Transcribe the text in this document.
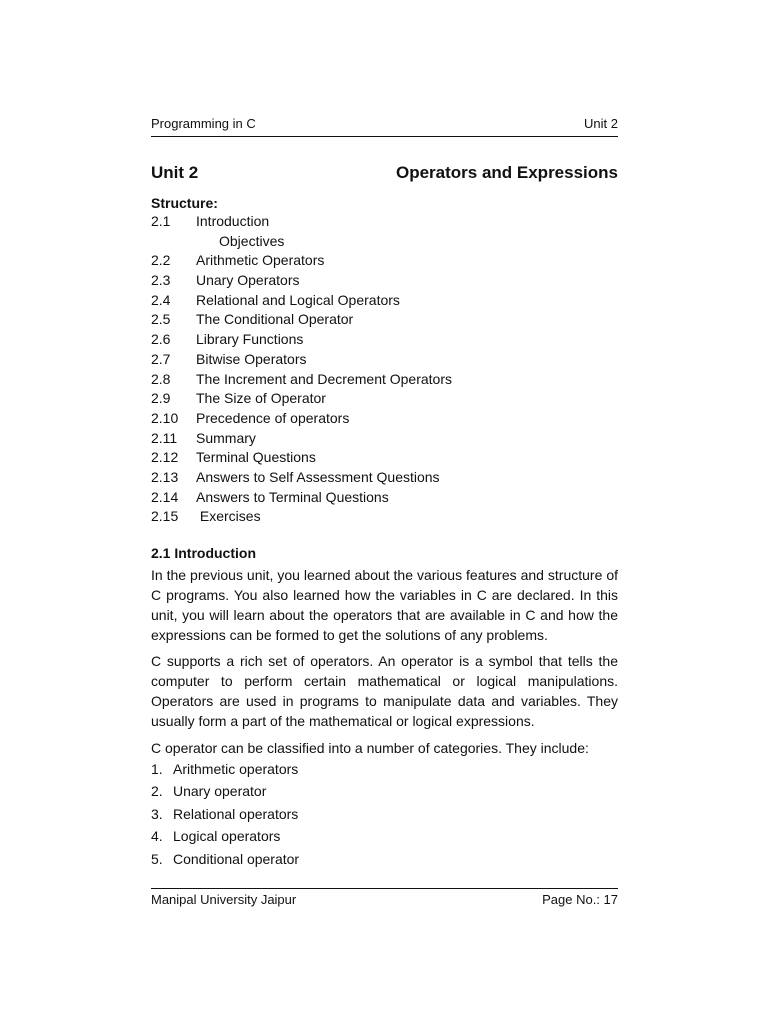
Programming in C	Unit 2
Unit 2	Operators and Expressions
Structure:
2.1	Introduction
Objectives
2.2	Arithmetic Operators
2.3	Unary Operators
2.4	Relational and Logical Operators
2.5	The Conditional Operator
2.6	Library Functions
2.7	Bitwise Operators
2.8	The Increment and Decrement Operators
2.9	The Size of Operator
2.10	Precedence of operators
2.11	Summary
2.12	Terminal Questions
2.13	Answers to Self Assessment Questions
2.14	Answers to Terminal Questions
2.15	Exercises
2.1 Introduction

In the previous unit, you learned about the various features and structure of C programs. You also learned how the variables in C are declared. In this unit, you will learn about the operators that are available in C and how the expressions can be formed to get the solutions of any problems.

C supports a rich set of operators. An operator is a symbol that tells the computer to perform certain mathematical or logical manipulations. Operators are used in programs to manipulate data and variables. They usually form a part of the mathematical or logical expressions.

C operator can be classified into a number of categories. They include:

1. Arithmetic operators
2. Unary operator
3. Relational operators
4. Logical operators
5. Conditional operator
Manipal University Jaipur	Page No.: 17
